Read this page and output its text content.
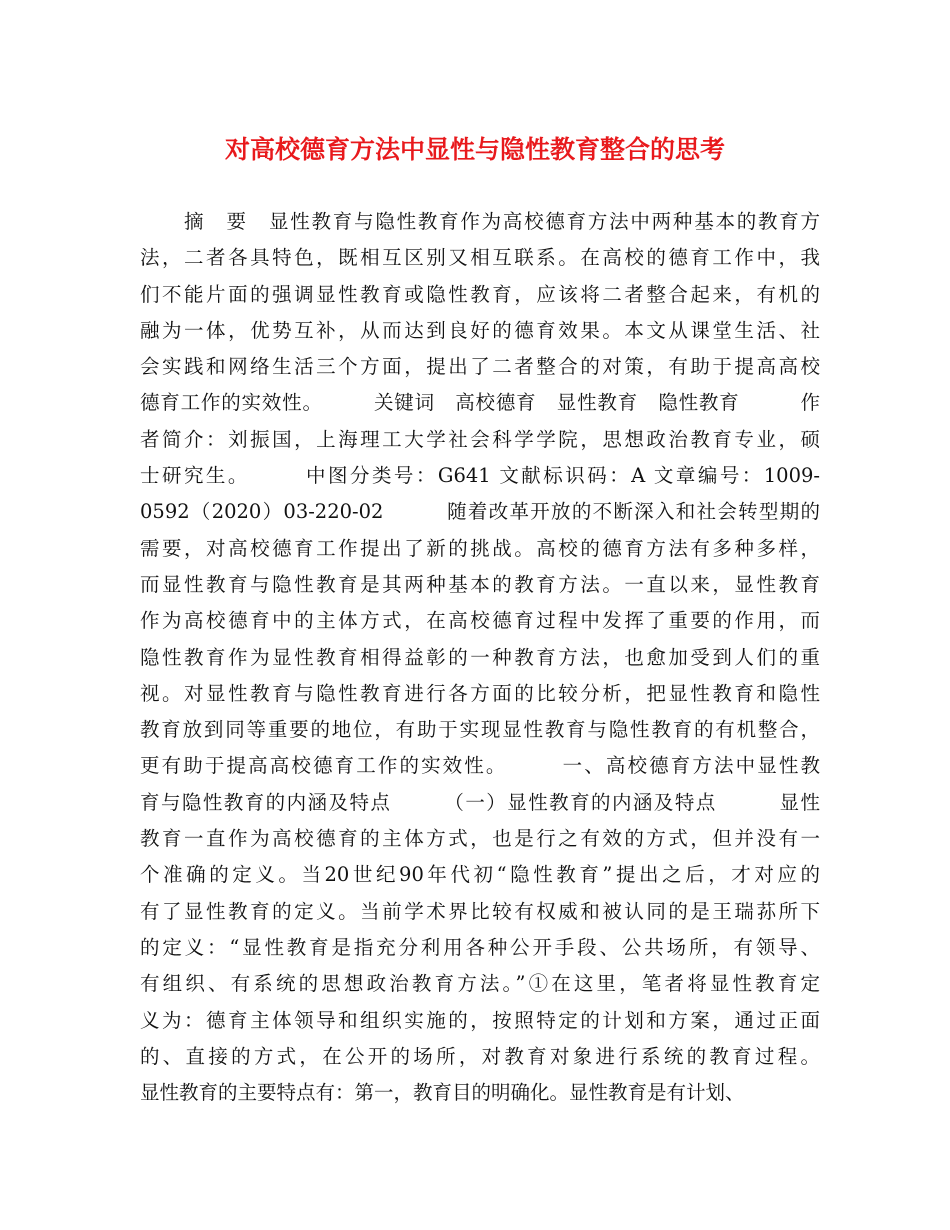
对高校德育方法中显性与隐性教育整合的思考
摘　要　显性教育与隐性教育作为高校德育方法中两种基本的教育方
法，二者各具特色，既相互区别又相互联系。在高校的德育工作中，我
们不能片面的强调显性教育或隐性教育，应该将二者整合起来，有机的
融为一体，优势互补，从而达到良好的德育效果。本文从课堂生活、社
会实践和网络生活三个方面，提出了二者整合的对策，有助于提高高校
德育工作的实效性。　　　关键词　高校德育　显性教育　隐性教育　　　作
者简介：刘振国，上海理工大学社会科学学院，思想政治教育专业，硕
士研究生。　　　中图分类号：G641 文献标识码：A 文章编号：1009-
0592（2020）03-220-02　　　随着改革开放的不断深入和社会转型期的
需要，对高校德育工作提出了新的挑战。高校的德育方法有多种多样，
而显性教育与隐性教育是其两种基本的教育方法。一直以来，显性教育
作为高校德育中的主体方式，在高校德育过程中发挥了重要的作用，而
隐性教育作为显性教育相得益彰的一种教育方法，也愈加受到人们的重
视。对显性教育与隐性教育进行各方面的比较分析，把显性教育和隐性
教育放到同等重要的地位，有助于实现显性教育与隐性教育的有机整合，
更有助于提高高校德育工作的实效性。　　　一、高校德育方法中显性教
育与隐性教育的内涵及特点　　　（一）显性教育的内涵及特点　　　显性
教育一直作为高校德育的主体方式，也是行之有效的方式，但并没有一
个准确的定义。当20世纪90年代初“隐性教育”提出之后，才对应的
有了显性教育的定义。当前学术界比较有权威和被认同的是王瑞荪所下
的定义：“显性教育是指充分利用各种公开手段、公共场所，有领导、
有组织、有系统的思想政治教育方法。”①在这里，笔者将显性教育定
义为：德育主体领导和组织实施的，按照特定的计划和方案，通过正面
的、直接的方式，在公开的场所，对教育对象进行系统的教育过程。
显性教育的主要特点有：第一，教育目的明确化。显性教育是有计划、
